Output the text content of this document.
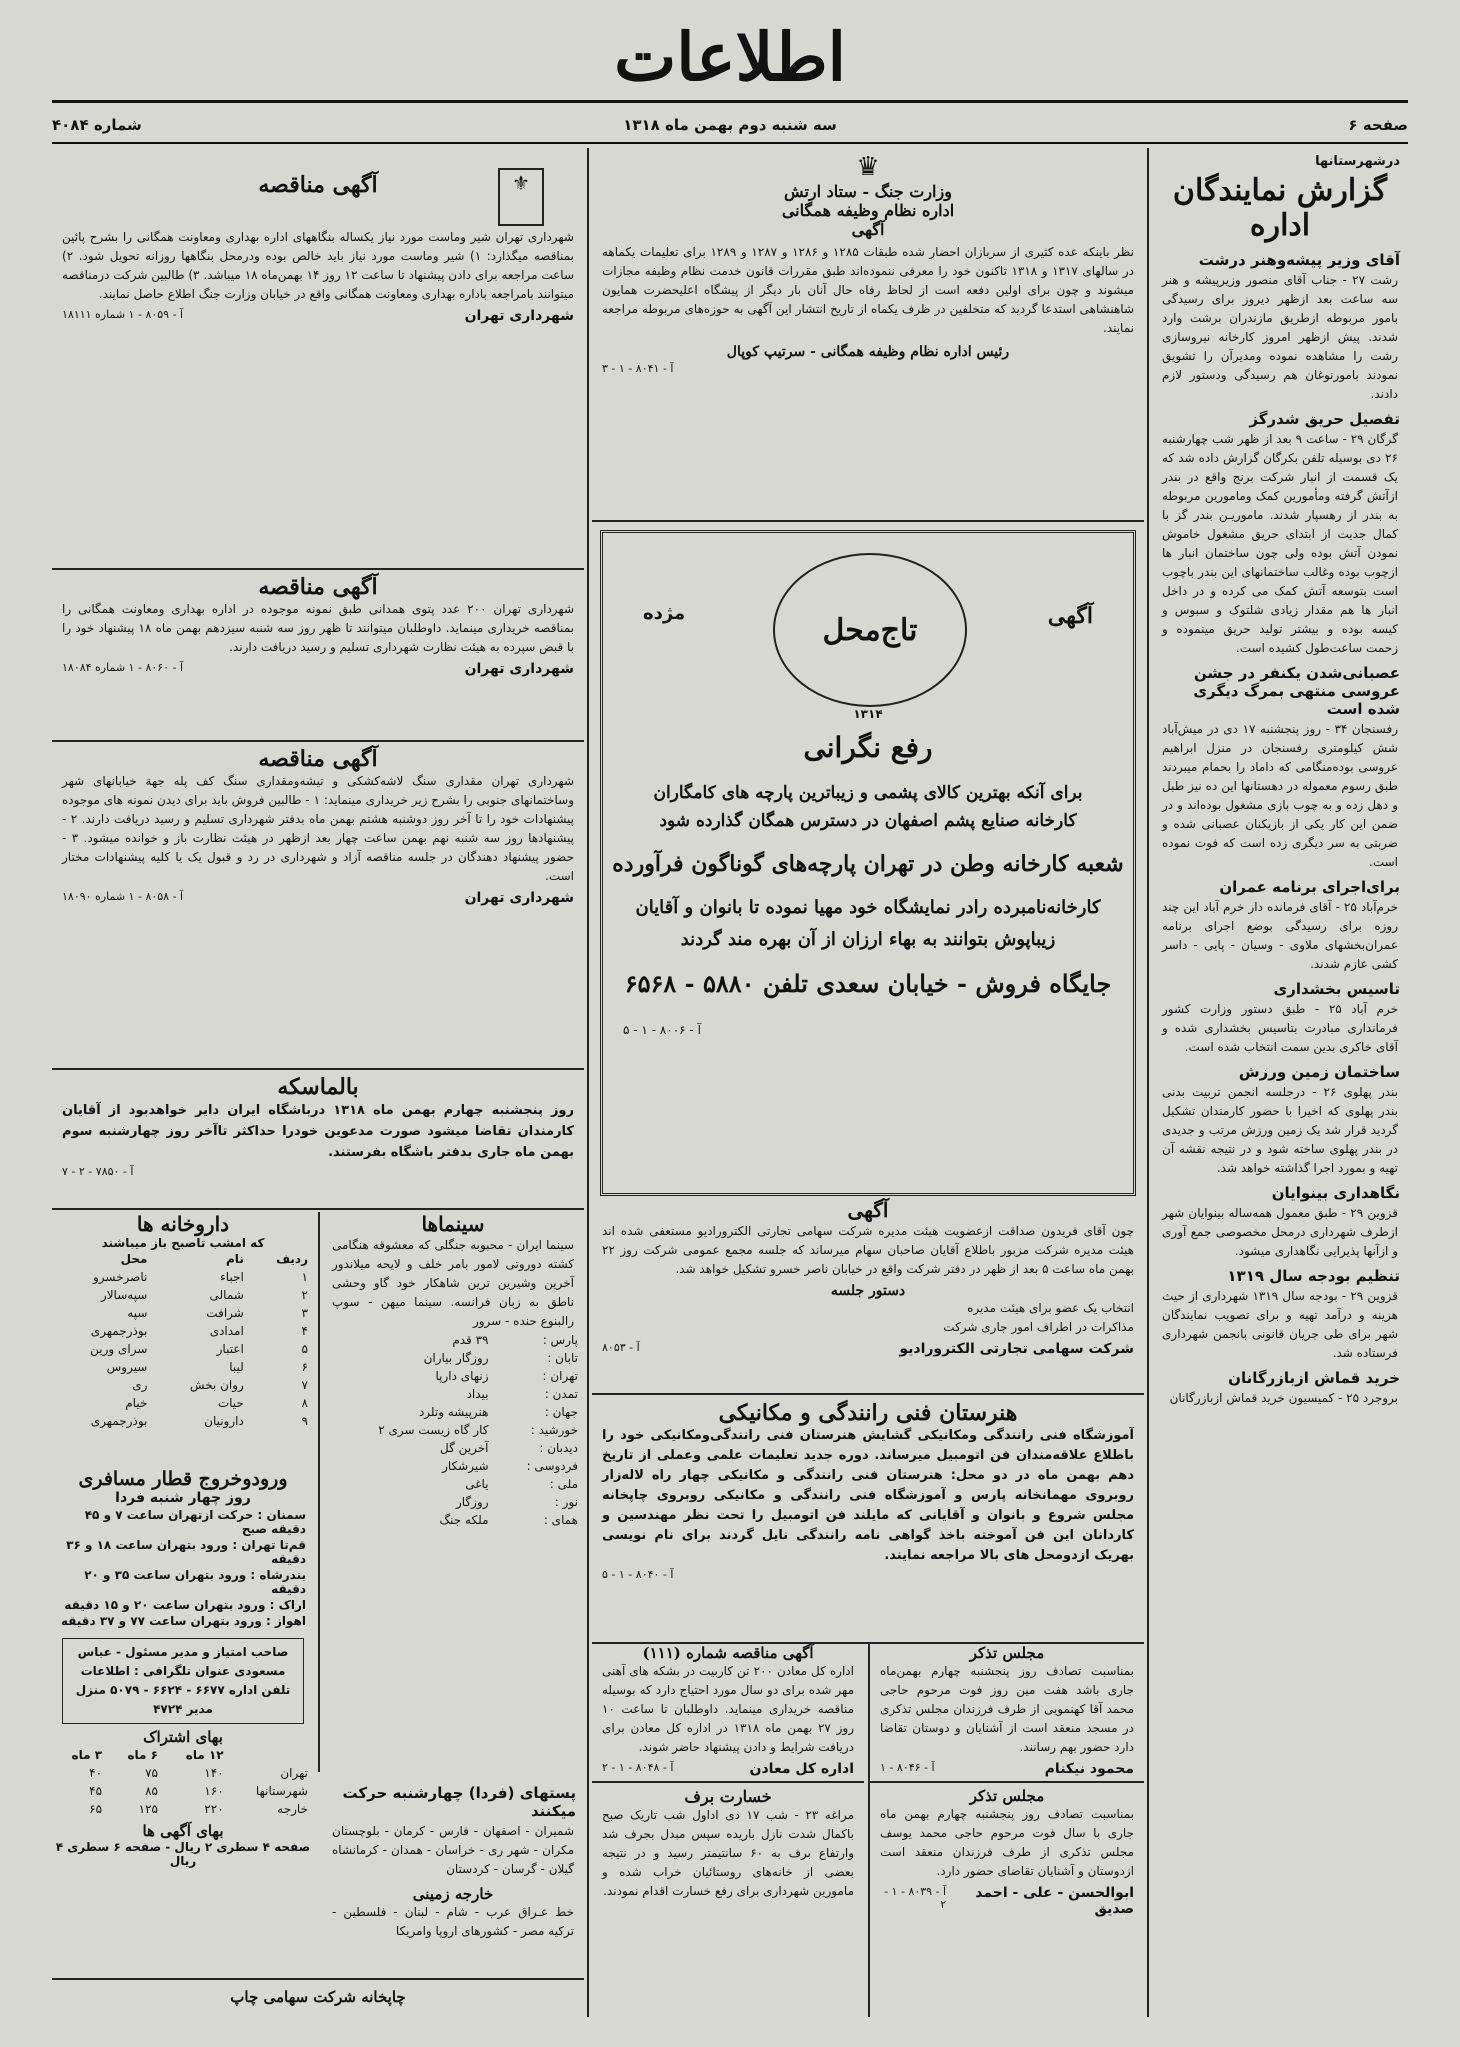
اطلاعات
صفحه ۶
سه شنبه دوم بهمن ماه ۱۳۱۸
شماره ۴۰۸۴
درشهرستانها
گزارش نمایندگان اداره
آقای وزیر پیشه‌وهنر درشت
رشت ۲۷ - جناب آقای منصور وزیرپیشه و هنر سه ساعت بعد ازظهر دیروز برای رسیدگی بامور مربوطه ازطریق مازندران برشت وارد شدند. پیش ازظهر امروز کارخانه نیروسازی رشت را مشاهده نموده ومدیرآن را تشویق نمودند بامورنوغان هم رسیدگی ودستور لازم دادند.
تفصیل حریق شدرگز
گرگان ۲۹ - ساعت ۹ بعد از ظهر شب چهارشنبه ۲۶ دی بوسیله تلفن بکرگان گزارش داده شد که یک قسمت از انبار شرکت برنج واقع در بندر ازآتش گرفته ومأمورین کمک ومامورین مربوطه به بندر از رهسپار شدند. ماموریـن بندر گز با کمال جدیت از ابتدای حریق مشغول خاموش نمودن آتش بوده ولی چون ساختمان انبار ها ازچوب بوده وغالب ساختمانهای این بندر باچوب است بتوسعه آتش کمک می کرده و در داخل انبار ها هم مقدار زیادی شلتوک و سبوس و کیسه بوده و بیشتر تولید حریق مینموده و زحمت ساعت‌طول کشیده است.
عصبانی‌شدن یکنفر در جشن عروسی منتهی بمرگ دیگری شده است
رفسنجان ۳۴ - روز پنجشنبه ۱۷ دی در میش‌آباد شش کیلومتری رفسنجان در منزل ابراهیم عروسی بوده‌منگامی که داماد را بحمام میبردند طبق رسوم معموله در دهستانها این ده نیز طبل و دهل زده و به چوب بازی مشغول بوده‌اند و در ضمن این کار یکی از بازیکنان عصبانی شده و ضربتی به سر دیگری زده است که فوت نموده است.
برای‌اجرای برنامه عمران
خرم‌آباد ۲۵ - آقای فرمانده دار خرم آباد این چند روزه برای رسیدگی بوضع اجرای برنامه عمران‌بخشهای ملاوی - وسیان - پایی - داسر کشی عازم شدند.
تاسیس بخشداری
خرم آباد ۲۵ - طبق دستور وزارت کشور فرمانداری مبادرت بتاسیس بخشداری شده و آقای خاکری بدین سمت انتخاب شده است.
ساختمان زمین ورزش
بندر پهلوی ۲۶ - درجلسه انجمن تربیت بدنی بندر پهلوی که اخیرا با حضور کارمندان تشکیل گردید قرار شد یک زمین ورزش مرتب و جدیدی در بندر پهلوی ساخته شود و در نتیجه نقشه آن تهیه و بمورد اجرا گذاشته خواهد شد.
نگاهداری بینوایان
قزوین ۲۹ - طبق معمول همه‌ساله بینوایان شهر ازطرف شهرداری درمحل مخصوصی جمع آوری و ازآنها پذیرایی نگاهداری میشود.
تنظیم بودجه سال ۱۳۱۹
قزوین ۲۹ - بودجه سال ۱۳۱۹ شهرداری از حیث هزینه و درآمد تهیه و برای تصویب نمایندگان شهر برای طی جریان قانونی بانجمن شهرداری فرستاده شد.
خرید قماش ازبازرگانان
بروجرد ۲۵ - کمیسیون خرید قماش ازبازرگانان
♛
وزارت جنگ - ستاد ارتش
اداره نظام وظیفه همگانی
آگهی
نظر باینکه عده کثیری از سربازان احضار شده طبقات ۱۲۸۵ و ۱۲۸۶ و ۱۲۸۷ و ۱۲۸۹ برای تعلیمات یکماهه در سالهای ۱۳۱۷ و ۱۳۱۸ تاکنون خود را معرفی ننموده‌اند طبق مقررات قانون خدمت نظام وظیفه مجازات میشوند و چون برای اولین دفعه است از لحاظ رفاه حال آنان بار دیگر از پیشگاه اعلیحضرت همایون شاهنشاهی استدعا گردید که متخلفین در ظرف یکماه از تاریخ انتشار این آگهی به حوزه‌های مربوطه مراجعه نمایند.
رئیس اداره نظام وظیفه همگانی - سرتیپ کوپال
آ - ۸۰۴۱ - ۱ - ۳
آگهی
مژده	تاج‌محل
۱۳۱۴
رفع نگرانی
برای آنکه بهترین کالای پشمی و زیباترین پارچه های کامگاران
کارخانه صنایع پشم اصفهان در دسترس همگان گذارده شود
شعبه کارخانه وطن در تهران پارچه‌های گوناگون فرآورده
کارخانه‌نامبرده رادر نمایشگاه خود مهیا نموده تا بانوان و آقایان
زیباپوش بتوانند به بهاء ارزان از آن بهره مند گردند
جایگاه فروش - خیابان سعدی تلفن ۵۸۸۰ - ۶۵۶۸
آ - ۸۰۰۶ - ۱ - ۵
آگهی
چون آقای فریدون صداقت ازعضویت هیئت مدیره شرکت سهامی تجارتی الکترورادیو مستعفی شده اند هیئت مدیره شرکت مزبور باطلاع آقایان صاحبان سهام میرساند که جلسه مجمع عمومی شرکت روز ۲۲ بهمن ماه ساعت ۵ بعد از ظهر در دفتر شرکت واقع در خیابان ناصر خسرو تشکیل خواهد شد.
دستور جلسه
انتخاب یک عضو برای هیئت مدیره
مذاکرات در اطراف امور جاری شرکت
شرکت سهامی تجارتی الکترورادیو
آ - ۸۰۵۳
هنرستان فنی رانندگی و مکانیکی
آموزشگاه فنی رانندگی ومکانیکی گشایش هنرستان فنی رانندگی‌ومکانیکی خود را باطلاع علاقه‌مندان فن اتومبیل میرساند. دوره جدید تعلیمات علمی وعملی از تاریخ دهم بهمن ماه در دو محل: هنرستان فنی رانندگی و مکانیکی چهار راه لاله‌زار روبروی مهمانخانه پارس و آموزشگاه فنی رانندگی و مکانیکی روبروی چاپخانه مجلس شروع و بانوان و آقایانی که مایلند فن اتومبیل را تحت نظر مهندسین و کاردانان این فن آموخته باخذ گواهی نامه رانندگی نایل گردند برای نام نویسی بهریک ازدومحل های بالا مراجعه نمایند.
آ - ۸۰۴۰ - ۱ - ۵
مجلس تذکر
بمناسبت تصادف روز پنجشنبه چهارم بهمن‌ماه جاری باشد هفت مین روز فوت مرحوم حاجی محمد آقا کهنمویی از طرف فرزندان مجلس تذکری در مسجد منعقد است از آشنایان و دوستان تقاضا دارد حضور بهم رسانند.
محمود نیکنام
آ - ۸۰۴۶ - ۱
مجلس تذکر
بمناسبت تصادف روز پنجشنبه چهارم بهمن ماه جاری با سال فوت مرحوم حاجی محمد یوسف مجلس تذکری از طرف فرزندان منعقد است ازدوستان و آشنایان تقاضای حضور دارد.
ابوالحسن - علی - احمد صدیق
آ - ۸۰۳۹ - ۱ - ۲
آگهی مناقصه شماره (۱۱۱)
اداره کل معادن ۲۰۰ تن کاربیت در بشکه های آهنی مهر شده برای دو سال مورد احتیاج دارد که بوسیله مناقصه خریداری مینماید. داوطلبان تا ساعت ۱۰ روز ۲۷ بهمن ماه ۱۳۱۸ در اداره کل معادن برای دریافت شرایط و دادن پیشنهاد حاضر شوند.
اداره کل معادن
آ - ۸۰۴۸ - ۱ - ۲
خسارت برف
مراغه ۲۳ - شب ۱۷ دی اداول شب تاریک صبح باکمال شدت نازل باریده سپس مبدل بجرف شد وارتفاع برف به ۶۰ سانتیمتر رسید و در نتیجه بعضی از خانه‌های روستائیان خراب شده و مامورین شهرداری برای رفع خسارت اقدام نمودند.
⚜
آگهی مناقصه
شهرداری تهران شیر وماست مورد نیاز یکساله بنگاههای اداره بهداری ومعاونت همگانی را بشرح پائین بمناقصه میگذارد: ۱) شیر وماست مورد نیاز باید خالص بوده ودرمحل بنگاهها روزانه تحویل شود. ۲) ساعت مراجعه برای دادن پیشنهاد تا ساعت ۱۲ روز ۱۴ بهمن‌ماه ۱۸ میباشد. ۳) طالبین شرکت درمناقصه میتوانند بامراجعه باداره بهداری ومعاونت همگانی واقع در خیابان وزارت جنگ اطلاع حاصل نمایند.
شهرداری تهران
آ - ۸۰۵۹ - ۱ شماره ۱۸۱۱۱
آگهی مناقصه
شهرداری تهران ۲۰۰ عدد پتوی همدانی طبق نمونه موجوده در اداره بهداری ومعاونت همگانی را بمناقصه خریداری مینماید. داوطلبان میتوانند تا ظهر روز سه شنبه سیزدهم بهمن ماه ۱۸ پیشنهاد خود را با قبض سپرده به هیئت نظارت شهرداری تسلیم و رسید دریافت دارند.
شهرداری تهران
آ - ۸۰۶۰ - ۱ شماره ۱۸۰۸۴
آگهی مناقصه
شهرداری تهران مقداری سنگ لاشه‌کشکی و تیشه‌ومقداری سنگ کف پله جهة خیابانهای شهر وساختمانهای جنوبی را بشرح زیر خریداری مینماید: ۱ - طالبین فروش باید برای دیدن نمونه های موجوده پیشنهادات خود را تا آخر روز دوشنبه هشتم بهمن ماه بدفتر شهرداری تسلیم و رسید دریافت دارند. ۲ - پیشنهادها روز سه شنبه نهم بهمن ساعت چهار بعد ازظهر در هیئت نظارت باز و خوانده میشود. ۳ - حضور پیشنهاد دهندگان در جلسه مناقصه آزاد و شهرداری در رد و قبول یک یا کلیه پیشنهادات مختار است.
شهرداری تهران
آ - ۸۰۵۸ - ۱ شماره ۱۸۰۹۰
بالماسکه
روز پنجشنبه چهارم بهمن ماه ۱۳۱۸ درباشگاه ایران دایر خواهدبود از آقایان کارمندان تقاضا میشود صورت مدعوین خودرا حداکثر تاآخر روز چهارشنبه سوم بهمن ماه جاری بدفتر باشگاه بفرستند.
آ - ۷۸۵۰ - ۲ - ۷
سینماها
سینما ایران - محبوبه جنگلی که معشوقه هنگامی کشته دوروتی لامور بامر خلف و لایحه میلاندور آخرین وشیرین ترین شاهکار خود گاو وحشی ناطق به زبان فرانسه. سینما میهن - سوپ رالبنوع حنده - سرور
پارس :	۳۹ قدم
تابان :	روزگار بیاران
تهران :	زنهای دارپا
تمدن :	بیداد
جهان :	هنرپیشه وتلرد
خورشید :	کار گاه زیست سری ۲
دیدبان :	آخرین گل
فردوسی :	شیرشکار
ملی :	یاغی
نور :	روزگار
همای :	ملکه جنگ
داروخانه ها
که امشب تاصبح باز میباشند
ردیف	نام	محل
۱	اجباء	ناصرخسرو
۲	شمالی	سپه‌سالار
۳	شرافت	سپه
۴	امدادی	بوذرجمهری
۵	اعتبار	سرای ورین
۶	لیبا	سیروس
۷	روان بخش	ری
۸	حیات	خیام
۹	دارونیان	بوذرجمهری
ورودوخروج قطار مسافری
روز چهار شنبه فردا
سمنان : حرکت ازتهران ساعت ۷ و ۴۵ دقیقه صبح
قم‌تا تهران : ورود بتهران ساعت ۱۸ و ۳۶ دقیقه
بندرشاه : ورود بتهران ساعت ۳۵ و ۲۰ دقیقه
اراک : ورود بتهران ساعت ۲۰ و ۱۵ دقیقه
اهواز : ورود بتهران ساعت ۷۷ و ۳۷ دقیقه
صاحب امتیاز و مدیر مسئول - عباس مسعودی عنوان تلگرافی : اطلاعات تلفن اداره ۶۶۷۷ - ۶۶۲۴ - ۵۰۷۹ منزل مدیر ۴۷۲۴
بهای اشتراک
	۱۲ ماه	۶ ماه	۳ ماه
تهران	۱۴۰	۷۵	۴۰
شهرستانها	۱۶۰	۸۵	۴۵
خارجه	۲۲۰	۱۲۵	۶۵
بهای آگهی ها
صفحه ۴ سطری ۲ ریال - صفحه ۶ سطری ۴ ریال
پستهای (فردا) چهارشنبه حرکت میکنند
شمیران - اصفهان - فارس - کرمان - بلوچستان مکران - شهر ری - خراسان - همدان - کرمانشاه گیلان - گرسان - کردستان
خارجه زمینی
خط عـراق عرب - شام - لبنان - فلسطین - ترکیه مصر - کشورهای اروپا وامریکا
چاپخانه شرکت سهامی چاپ
